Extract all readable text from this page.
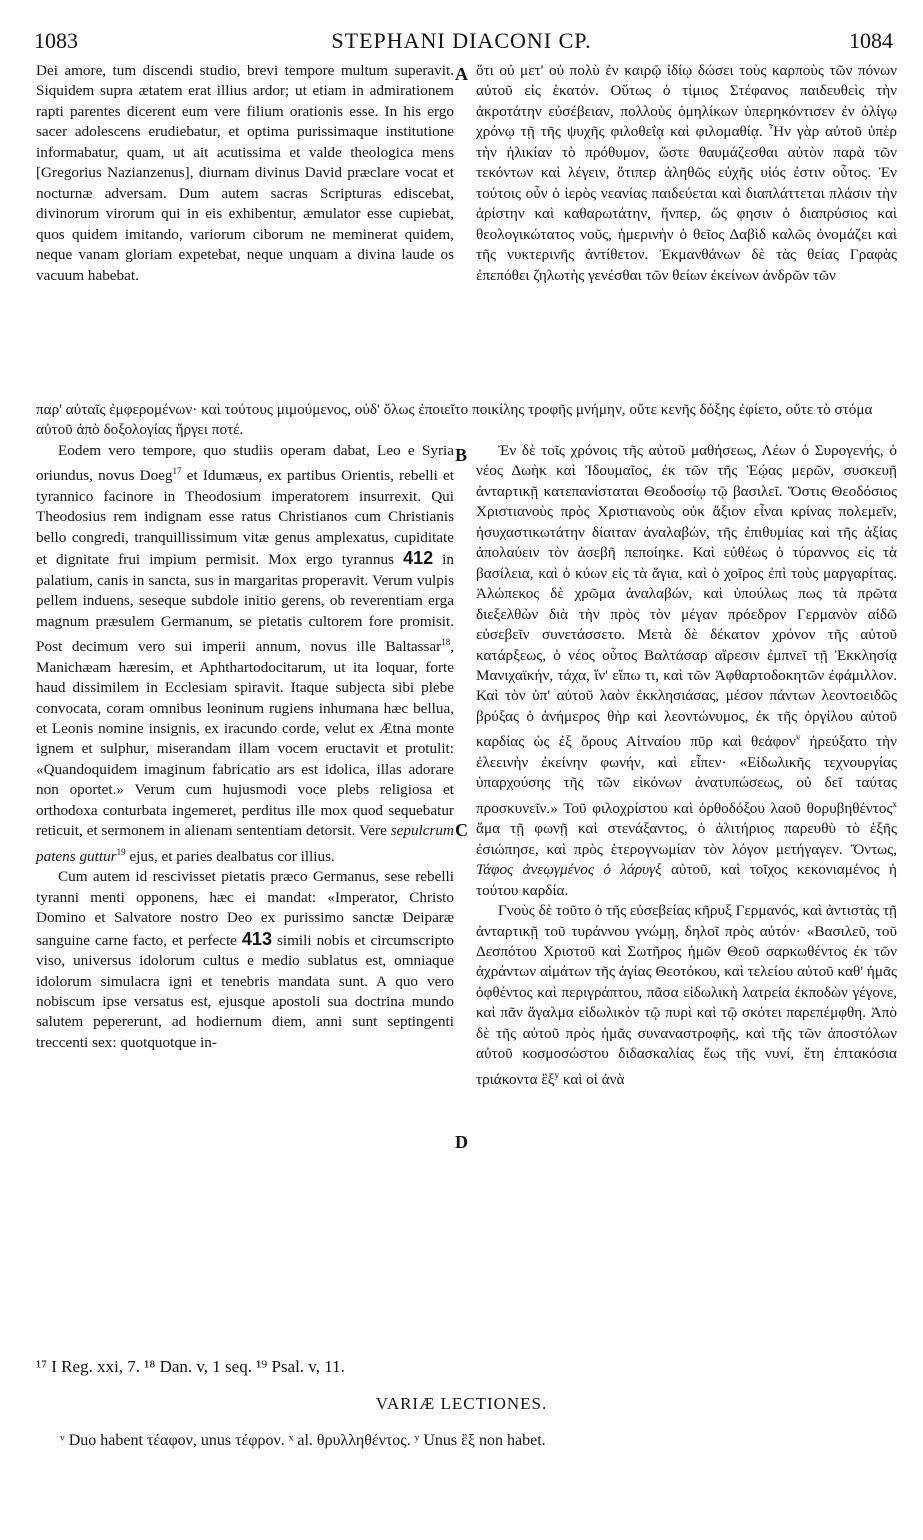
1083	STEPHANI DIACONI CP.	1084
A
B
C
D

Dei amore, tum discendi studio, brevi tempore multum superavit. Siquidem supra ætatem erat illius ardor; ut etiam in admirationem rapti parentes dicerent eum vere filium orationis esse. In his ergo sacer adolescens erudiebatur, et optima purissimaque institutione informabatur, quam, ut ait acutissima et valde theologica mens [Gregorius Nazianzenus], diurnam divinus David præclare vocat et nocturnæ adversam. Dum autem sacras Scripturas ediscebat, divinorum virorum qui in eis exhibentur, æmulator esse cupiebat, quos quidem imitando, variorum ciborum ne meminerat quidem, neque vanam gloriam expetebat, neque unquam a divina laude os vacuum habebat.

ὅτι οὐ μετ' οὐ πολὺ ἐν καιρῷ ἰδίῳ δώσει τοὺς καρποὺς τῶν πόνων αὐτοῦ εἰς ἑκατόν. Οὕτως ὁ τίμιος Στέφανος παιδευθεὶς τὴν ἀκροτάτην εὐσέβειαν, πολλοὺς ὁμηλίκων ὑπερηκόντισεν ἐν ὀλίγῳ χρόνῳ τῇ τῆς ψυχῆς φιλοθεΐᾳ καὶ φιλομαθίᾳ. Ἦν γὰρ αὐτοῦ ὑπὲρ τὴν ἡλικίαν τὸ πρόθυμον, ὥστε θαυμάζεσθαι αὐτὸν παρὰ τῶν τεκόντων καὶ λέγειν, ὅτιπερ ἀληθῶς εὐχῆς υἱός ἐστιν οὗτος. Ἐν τούτοις οὖν ὁ ἱερὸς νεανίας παιδεύεται καὶ διαπλάττεται πλάσιν τὴν ἀρίστην καὶ καθαρωτάτην, ἥνπερ, ὥς φησιν ὁ διαπρύσιος καὶ θεολογικώτατος νοῦς, ἡμερινὴν ὁ θεῖος Δαβὶδ καλῶς ὀνομάζει καὶ τῆς νυκτερινῆς ἀντίθετον. Ἐκμανθάνων δὲ τὰς θείας Γραφὰς ἐπεπόθει ζηλωτὴς γενέσθαι τῶν θείων ἐκείνων ἀνδρῶν τῶν

παρ' αὐταῖς ἐμφερομένων· καὶ τούτους μιμούμενος, οὐδ' ὅλως ἐποιεῖτο ποικίλης τροφῆς μνήμην, οὔτε κενῆς δόξης ἐφίετο, οὔτε τὸ στόμα αὐτοῦ ἀπὸ δοξολογίας ἤργει ποτέ.

Eodem vero tempore, quo studiis operam dabat, Leo e Syria oriundus, novus Doeg$^{17}$ et Idumæus, ex partibus Orientis, rebelli et tyrannico facinore in Theodosium imperatorem insurrexit. Qui Theodosius rem indignam esse ratus Christianos cum Christianis bello congredi, tranquillissimum vitæ genus amplexatus, cupiditate et dignitate frui impium permisit. Mox ergo tyrannus 412 in palatium, canis in sancta, sus in margaritas properavit. Verum vulpis pellem induens, seseque subdole initio gerens, ob reverentiam erga magnum præsulem Germanum, se pietatis cultorem fore promisit. Post decimum vero sui imperii annum, novus ille Baltassar$^{18}$, Manichæam hæresim, et Aphthartodocitarum, ut ita loquar, forte haud dissimilem in Ecclesiam spiravit. Itaque subjecta sibi plebe convocata, coram omnibus leoninum rugiens inhumana hæc bellua, et Leonis nomine insignis, ex iracundo corde, velut ex Ætna monte ignem et sulphur, miserandam illam vocem eructavit et protulit: «Quandoquidem imaginum fabricatio ars est idolica, illas adorare non oportet.» Verum cum hujusmodi voce plebs religiosa et orthodoxa conturbata ingemeret, perditus ille mox quod sequebatur reticuit, et sermonem in alienam sententiam detorsit. Vere sepulcrum patens guttur$^{19}$ ejus, et paries dealbatus cor illius.

Cum autem id rescivisset pietatis præco Germanus, sese rebelli tyranni menti opponens, hæc ei mandat: «Imperator, Christo Domino et Salvatore nostro Deo ex purissimo sanctæ Deiparæ sanguine carne facto, et perfecte 413 simili nobis et circumscripto viso, universus idolorum cultus e medio sublatus est, omniaque idolorum simulacra igni et tenebris mandata sunt. A quo vero nobiscum ipse versatus est, ejusque apostoli sua doctrina mundo salutem pepererunt, ad hodiernum diem, anni sunt septingenti treccenti sex: quotquotque in-

Ἐν δὲ τοῖς χρόνοις τῆς αὐτοῦ μαθήσεως, Λέων ὁ Συρογενής, ὁ νέος Δωὴκ καὶ Ἰδουμαῖος, ἐκ τῶν τῆς Ἑῴας μερῶν, συσκευῇ ἀνταρτικῇ κατεπανίσταται Θεοδοσίῳ τῷ βασιλεῖ. Ὅστις Θεοδόσιος Χριστιανοὺς πρὸς Χριστιανοὺς οὐκ ἄξιον εἶναι κρίνας πολεμεῖν, ἡσυχαστικωτάτην δίαιταν ἀναλαβών, τῆς ἐπιθυμίας καὶ τῆς ἀξίας ἀπολαύειν τὸν ἀσεβῆ πεποίηκε. Καὶ εὐθέως ὁ τύραννος εἰς τὰ βασίλεια, καὶ ὁ κύων εἰς τὰ ἅγια, καὶ ὁ χοῖρος ἐπὶ τοὺς μαργαρίτας. Ἀλώπεκος δὲ χρῶμα ἀναλαβών, καὶ ὑπούλως πως τὰ πρῶτα διεξελθὼν διὰ τὴν πρὸς τὸν μέγαν πρόεδρον Γερμανὸν αἰδῶ εὐσεβεῖν συνετάσσετο. Μετὰ δὲ δέκατον χρόνον τῆς αὐτοῦ κατάρξεως, ὁ νέος οὗτος Βαλτάσαρ αἵρεσιν ἐμπνεῖ τῇ Ἐκκλησίᾳ Μανιχαϊκήν, τάχα, ἵν' εἴπω τι, καὶ τῶν Ἀφθαρτοδοκητῶν ἐφάμιλλον. Καὶ τὸν ὑπ' αὐτοῦ λαὸν ἐκκλησιάσας, μέσον πάντων λεοντοειδῶς βρύξας ὁ ἀνήμερος θὴρ καὶ λεοντώνυμος, ἐκ τῆς ὀργίλου αὐτοῦ καρδίας ὡς ἐξ ὄρους Αἰτναίου πῦρ καὶ θεάφον$^v$ ἠρεύξατο τὴν ἐλεεινὴν ἐκείνην φωνήν, καὶ εἶπεν· «Εἰδωλικῆς τεχνουργίας ὑπαρχούσης τῆς τῶν εἰκόνων ἀνατυπώσεως, οὐ δεῖ ταύτας προσκυνεῖν.» Τοῦ φιλοχρίστου καὶ ὀρθοδόξου λαοῦ θορυβηθέντος$^x$ ἅμα τῇ φωνῇ καὶ στενάξαντος, ὁ ἀλιτήριος παρευθὺ τὸ ἑξῆς ἐσιώπησε, καὶ πρὸς ἑτερογνωμίαν τὸν λόγον μετήγαγεν. Ὄντως, Τάφος ἀνεῳγμένος ὁ λάρυγξ αὐτοῦ, καὶ τοῖχος κεκονιαμένος ἡ τούτου καρδία.

Γνοὺς δὲ τοῦτο ὁ τῆς εὐσεβείας κῆρυξ Γερμανός, καὶ ἀντιστὰς τῇ ἀνταρτικῇ τοῦ τυράννου γνώμῃ, δηλοῖ πρὸς αὐτόν· «Βασιλεῦ, τοῦ Δεσπότου Χριστοῦ καὶ Σωτῆρος ἡμῶν Θεοῦ σαρκωθέντος ἐκ τῶν ἀχράντων αἱμάτων τῆς ἁγίας Θεοτόκου, καὶ τελείου αὐτοῦ καθ' ἡμᾶς ὀφθέντος καὶ περιγράπτου, πᾶσα εἰδωλικὴ λατρεία ἐκποδὼν γέγονε, καὶ πᾶν ἄγαλμα εἰδωλικὸν τῷ πυρὶ καὶ τῷ σκότει παρεπέμφθη. Ἀπὸ δὲ τῆς αὐτοῦ πρὸς ἡμᾶς συναναστροφῆς, καὶ τῆς τῶν ἀποστόλων αὐτοῦ κοσμοσώστου διδασκαλίας ἕως τῆς νυνί, ἔτη ἑπτακόσια τριάκοντα ἓξ$^y$ καὶ οἱ ἀνὰ

¹⁷ I Reg. xxi, 7. ¹⁸ Dan. v, 1 seq. ¹⁹ Psal. v, 11.
VARIÆ LECTIONES.
ᵛ Duo habent τέαφον, unus τέφρον. ˣ al. θρυλληθέντος. ʸ Unus ἓξ non habet.
